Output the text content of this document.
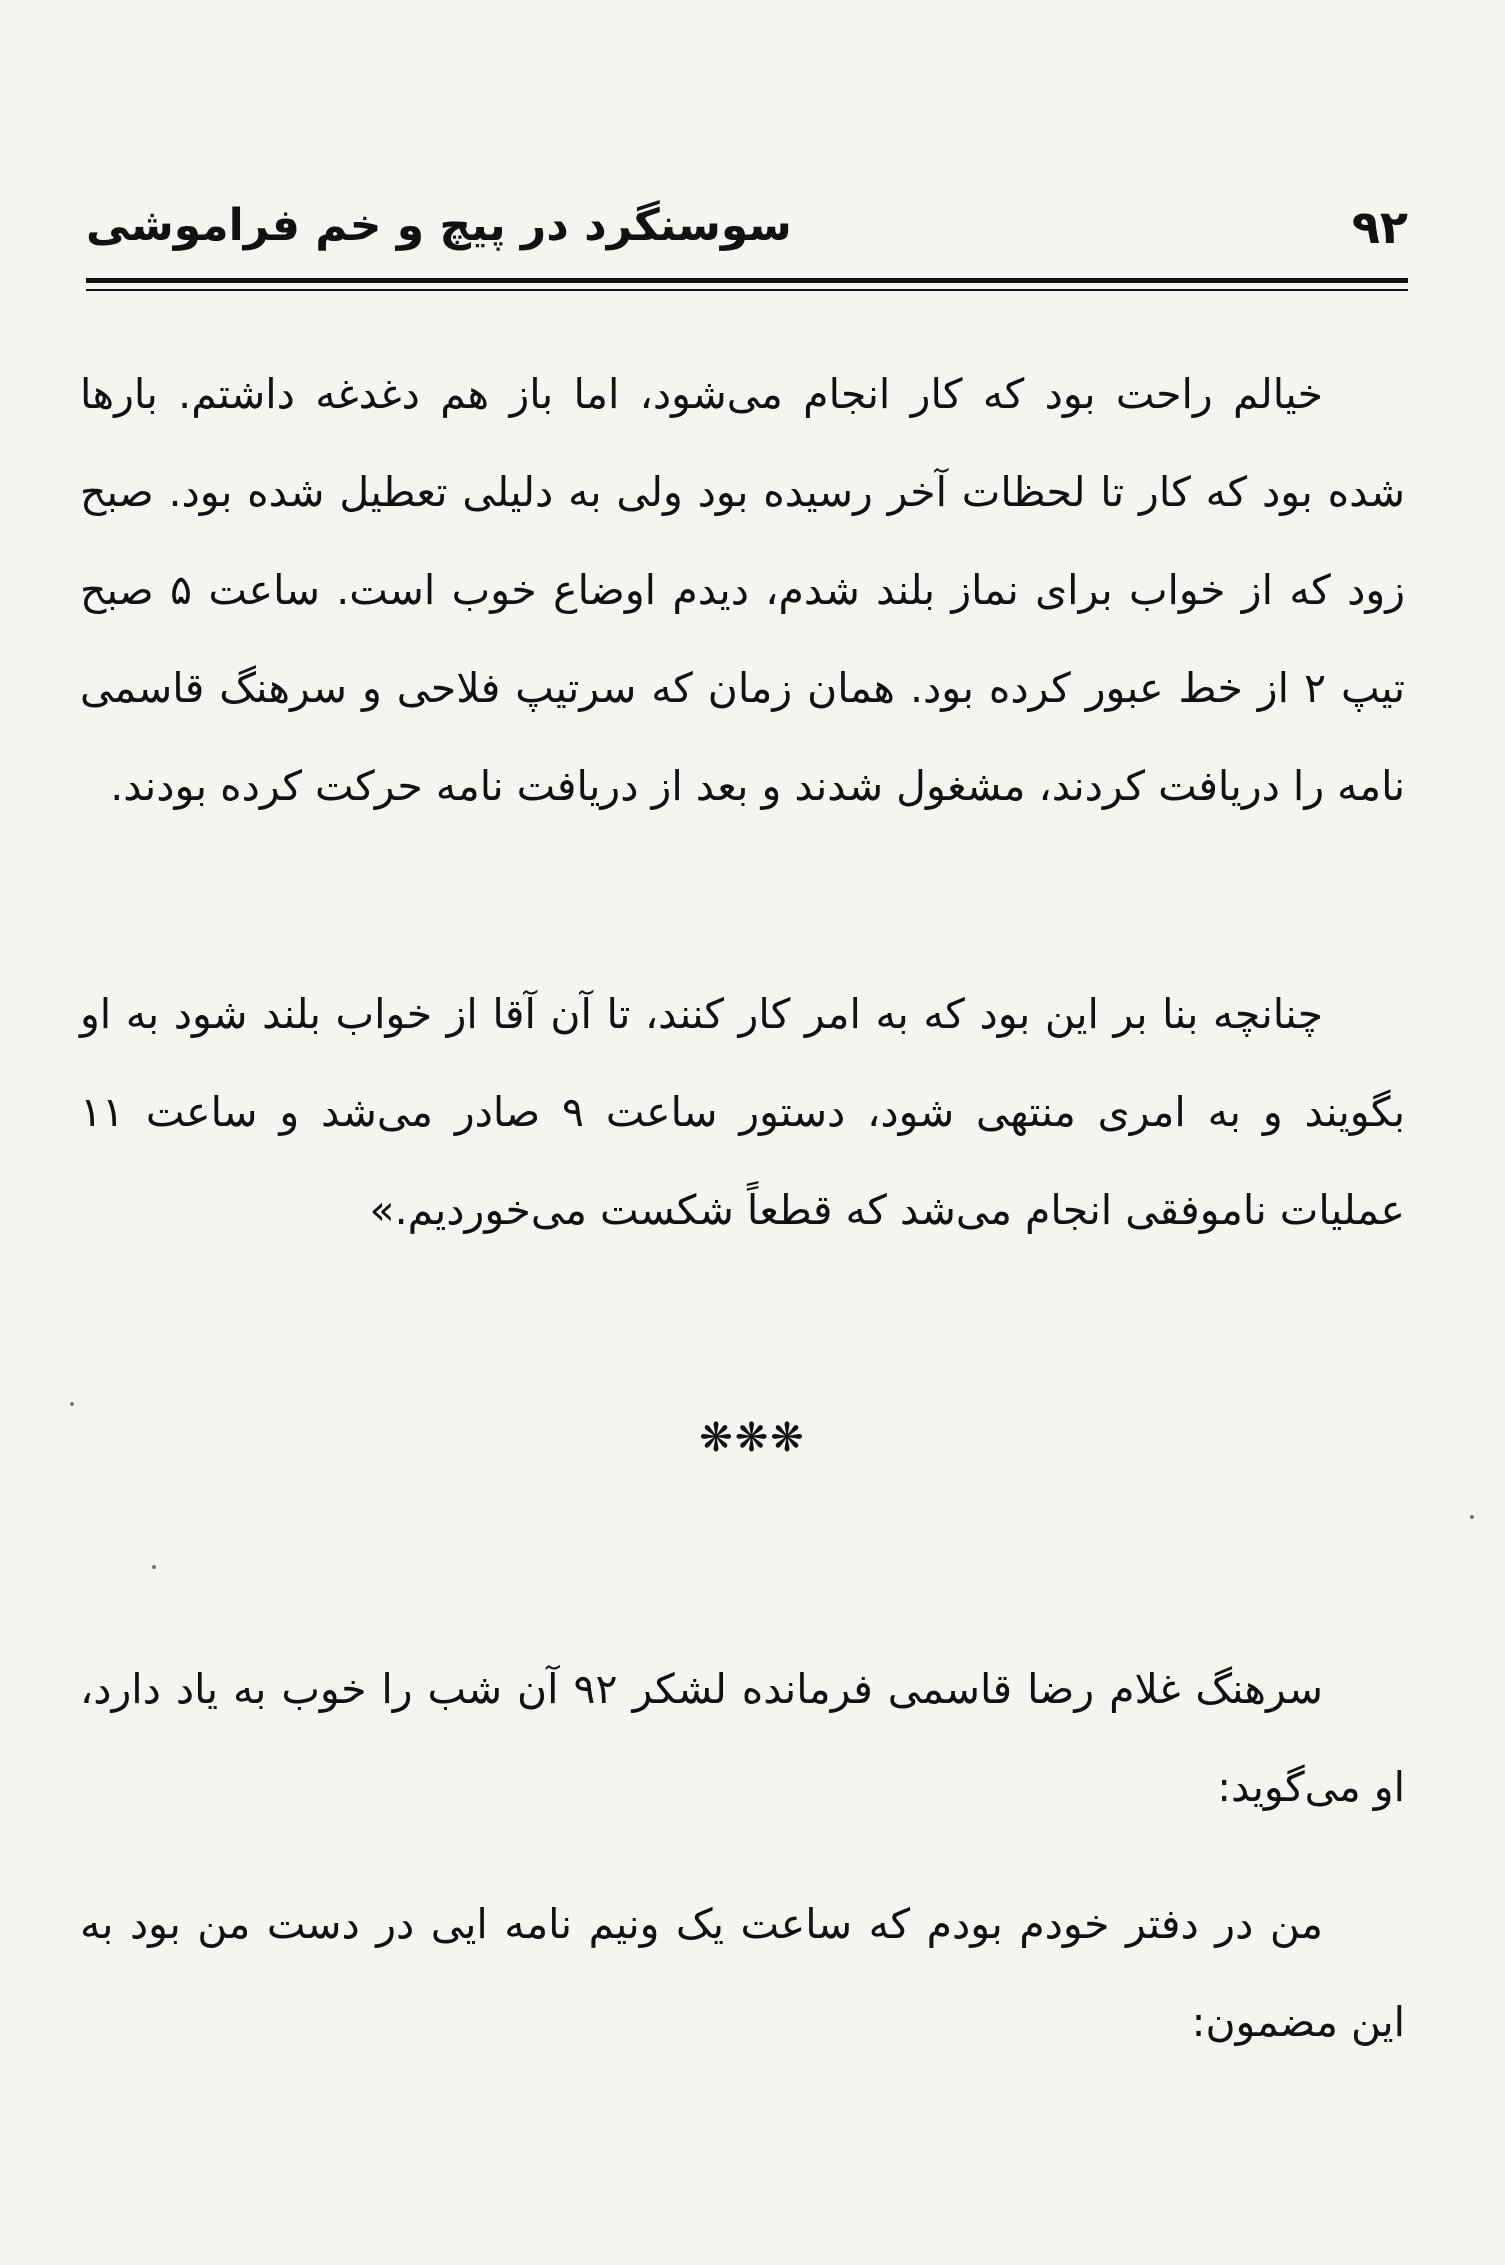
۹۲
سوسنگرد در پیچ و خم فراموشی

خیالم راحت بود که کار انجام می‌شود، اما باز هم دغدغه داشتم. بارها شده بود که کار تا لحظات آخر رسیده بود ولی به دلیلی تعطیل شده بود. صبح زود که از خواب برای نماز بلند شدم، دیدم اوضاع خوب است. ساعت ۵ صبح تیپ ۲ از خط عبور کرده بود. همان زمان که سرتیپ فلاحی و سرهنگ قاسمی نامه را دریافت کردند، مشغول شدند و بعد از دریافت نامه حرکت کرده بودند.

چنانچه بنا بر این بود که به امر کار کنند، تا آن آقا از خواب بلند شود به او بگویند و به امری منتهی شود، دستور ساعت ۹ صادر می‌شد و ساعت ۱۱ عملیات ناموفقی انجام می‌شد که قطعاً شکست می‌خوردیم.»

❋❋❋

سرهنگ غلام رضا قاسمی فرمانده لشکر ۹۲ آن شب را خوب به یاد دارد، او می‌گوید:

من در دفتر خودم بودم که ساعت یک ونیم نامه ایی در دست من بود به این مضمون:
